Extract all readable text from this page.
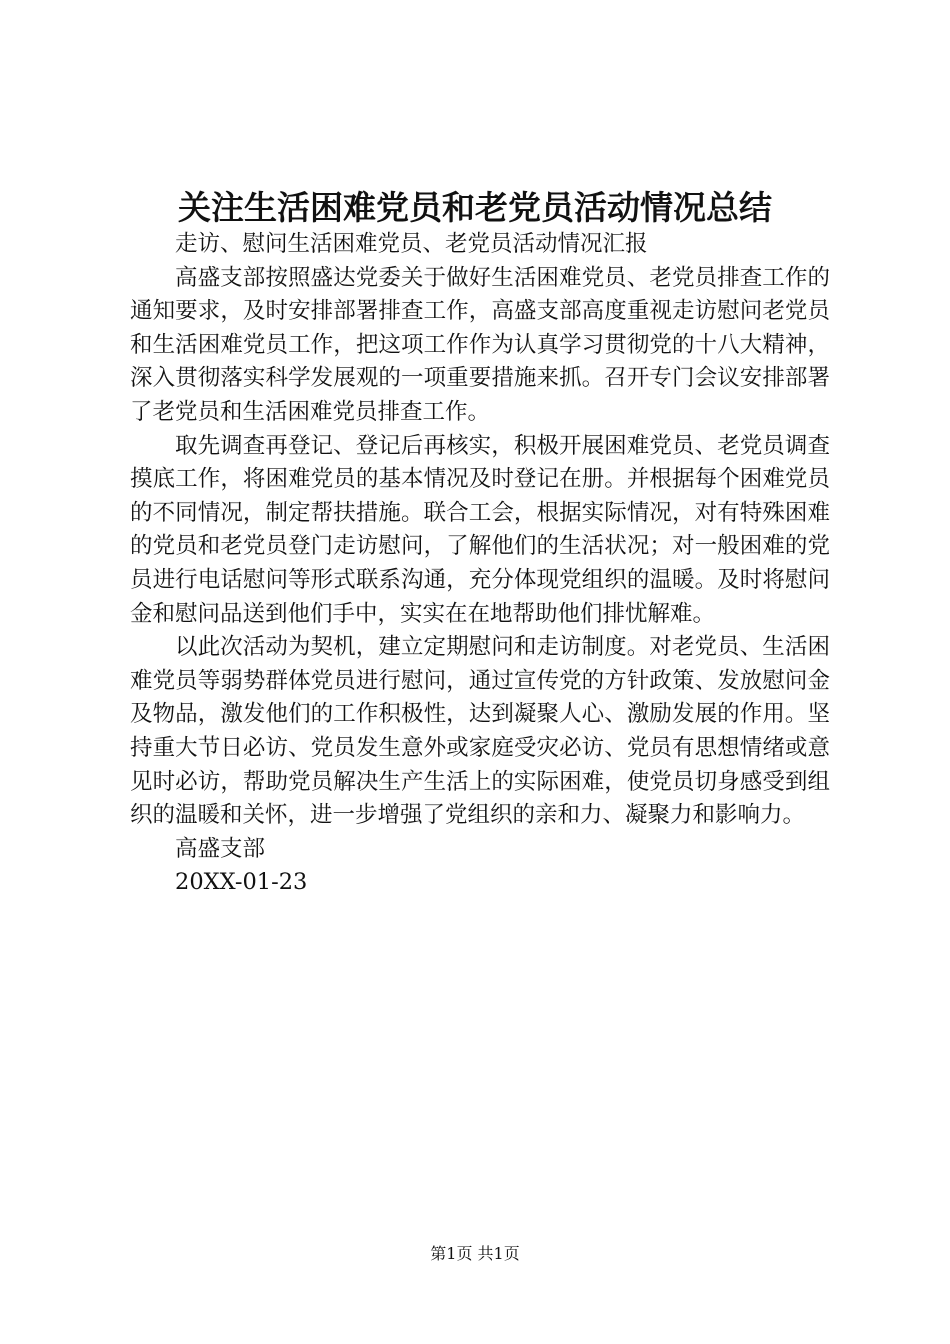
关注生活困难党员和老党员活动情况总结

走访、慰问生活困难党员、老党员活动情况汇报

高盛支部按照盛达党委关于做好生活困难党员、老党员排查工作的通知要求，及时安排部署排查工作，高盛支部高度重视走访慰问老党员和生活困难党员工作，把这项工作作为认真学习贯彻党的十八大精神，深入贯彻落实科学发展观的一项重要措施来抓。召开专门会议安排部署了老党员和生活困难党员排查工作。

取先调查再登记、登记后再核实，积极开展困难党员、老党员调查摸底工作，将困难党员的基本情况及时登记在册。并根据每个困难党员的不同情况，制定帮扶措施。联合工会，根据实际情况，对有特殊困难的党员和老党员登门走访慰问，了解他们的生活状况；对一般困难的党员进行电话慰问等形式联系沟通，充分体现党组织的温暖。及时将慰问金和慰问品送到他们手中，实实在在地帮助他们排忧解难。

以此次活动为契机，建立定期慰问和走访制度。对老党员、生活困难党员等弱势群体党员进行慰问，通过宣传党的方针政策、发放慰问金及物品，激发他们的工作积极性，达到凝聚人心、激励发展的作用。坚持重大节日必访、党员发生意外或家庭受灾必访、党员有思想情绪或意见时必访，帮助党员解决生产生活上的实际困难，使党员切身感受到组织的温暖和关怀，进一步增强了党组织的亲和力、凝聚力和影响力。

高盛支部

20XX-01-23

第1页 共1页
